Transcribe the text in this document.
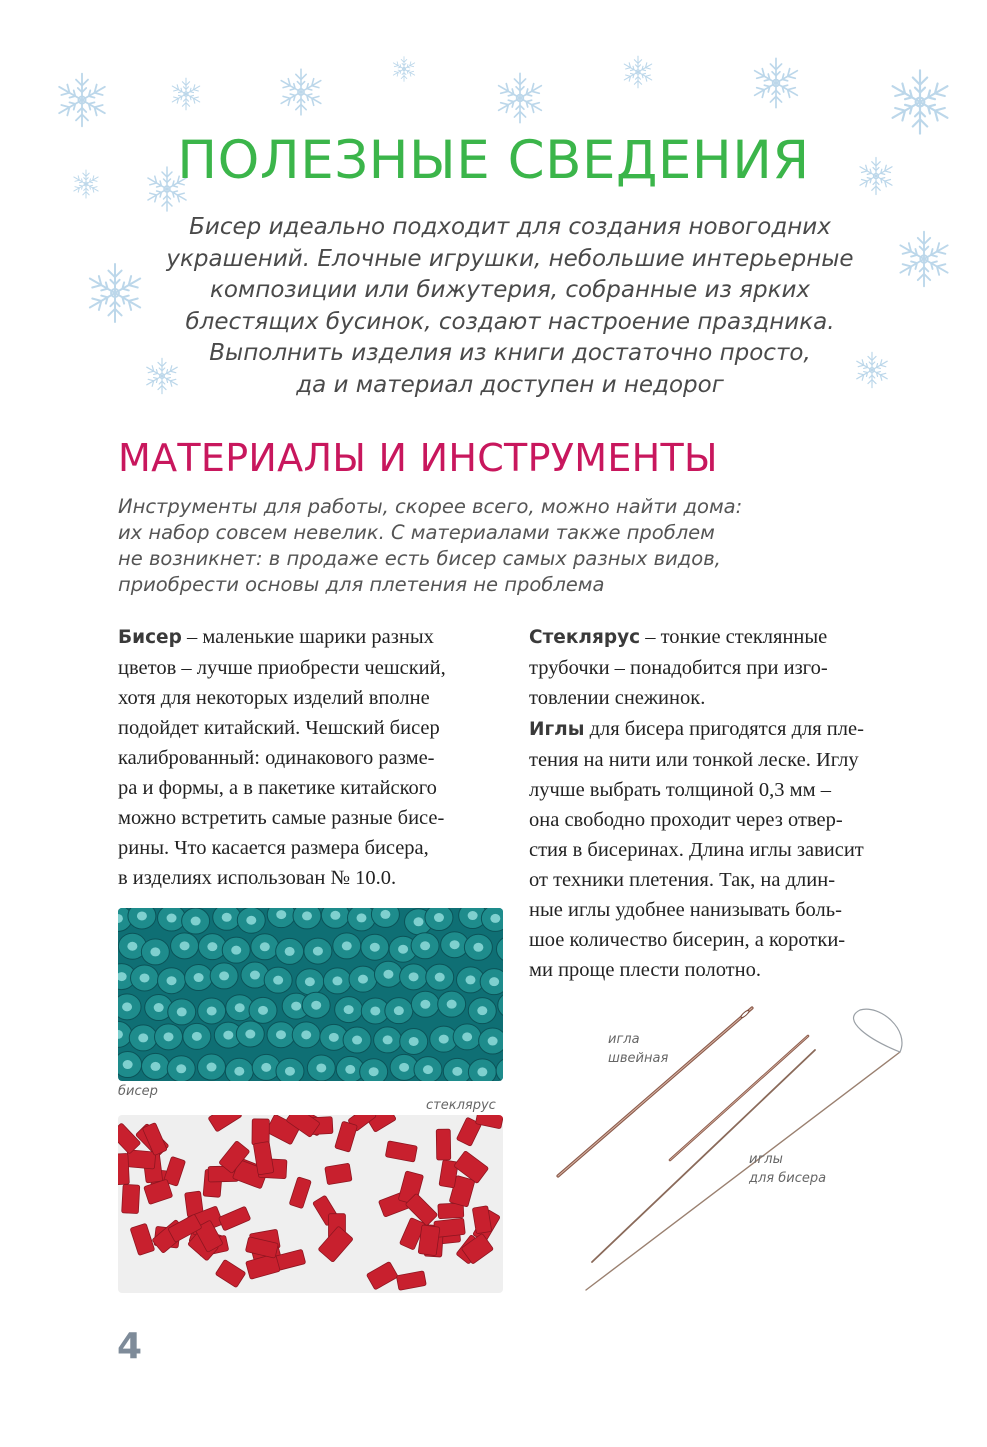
ПОЛЕЗНЫЕ СВЕДЕНИЯ

Бисер идеально подходит для создания новогодних
украшений. Елочные игрушки, небольшие интерьерные
композиции или бижутерия, собранные из ярких
блестящих бусинок, создают настроение праздника.
Выполнить изделия из книги достаточно просто,
да и материал доступен и недорог

МАТЕРИАЛЫ И ИНСТРУМЕНТЫ

Инструменты для работы, скорее всего, можно найти дома:
их набор совсем невелик. С материалами также проблем
не возникнет: в продаже есть бисер самых разных видов,
приобрести основы для плетения не проблема

Бисер – маленькие шарики разных
цветов – лучше приобрести чешский,
хотя для некоторых изделий вполне
подойдет китайский. Чешский бисер
калиброванный: одинакового разме-
ра и формы, а в пакетике китайского
можно встретить самые разные бисе-
рины. Что касается размера бисера,
в изделиях использован № 10.0.

Стеклярус – тонкие стеклянные
трубочки – понадобится при изго-
товлении снежинок.

Иглы для бисера пригодятся для пле-
тения на нити или тонкой леске. Иглу
лучше выбрать толщиной 0,3 мм –
она свободно проходит через отвер-
стия в бисеринах. Длина иглы зависит
от техники плетения. Так, на длин-
ные иглы удобнее нанизывать боль-
шое количество бисерин, а коротки-
ми проще плести полотно.

бисер

стеклярус

игла
швейная

иглы
для бисера

4
